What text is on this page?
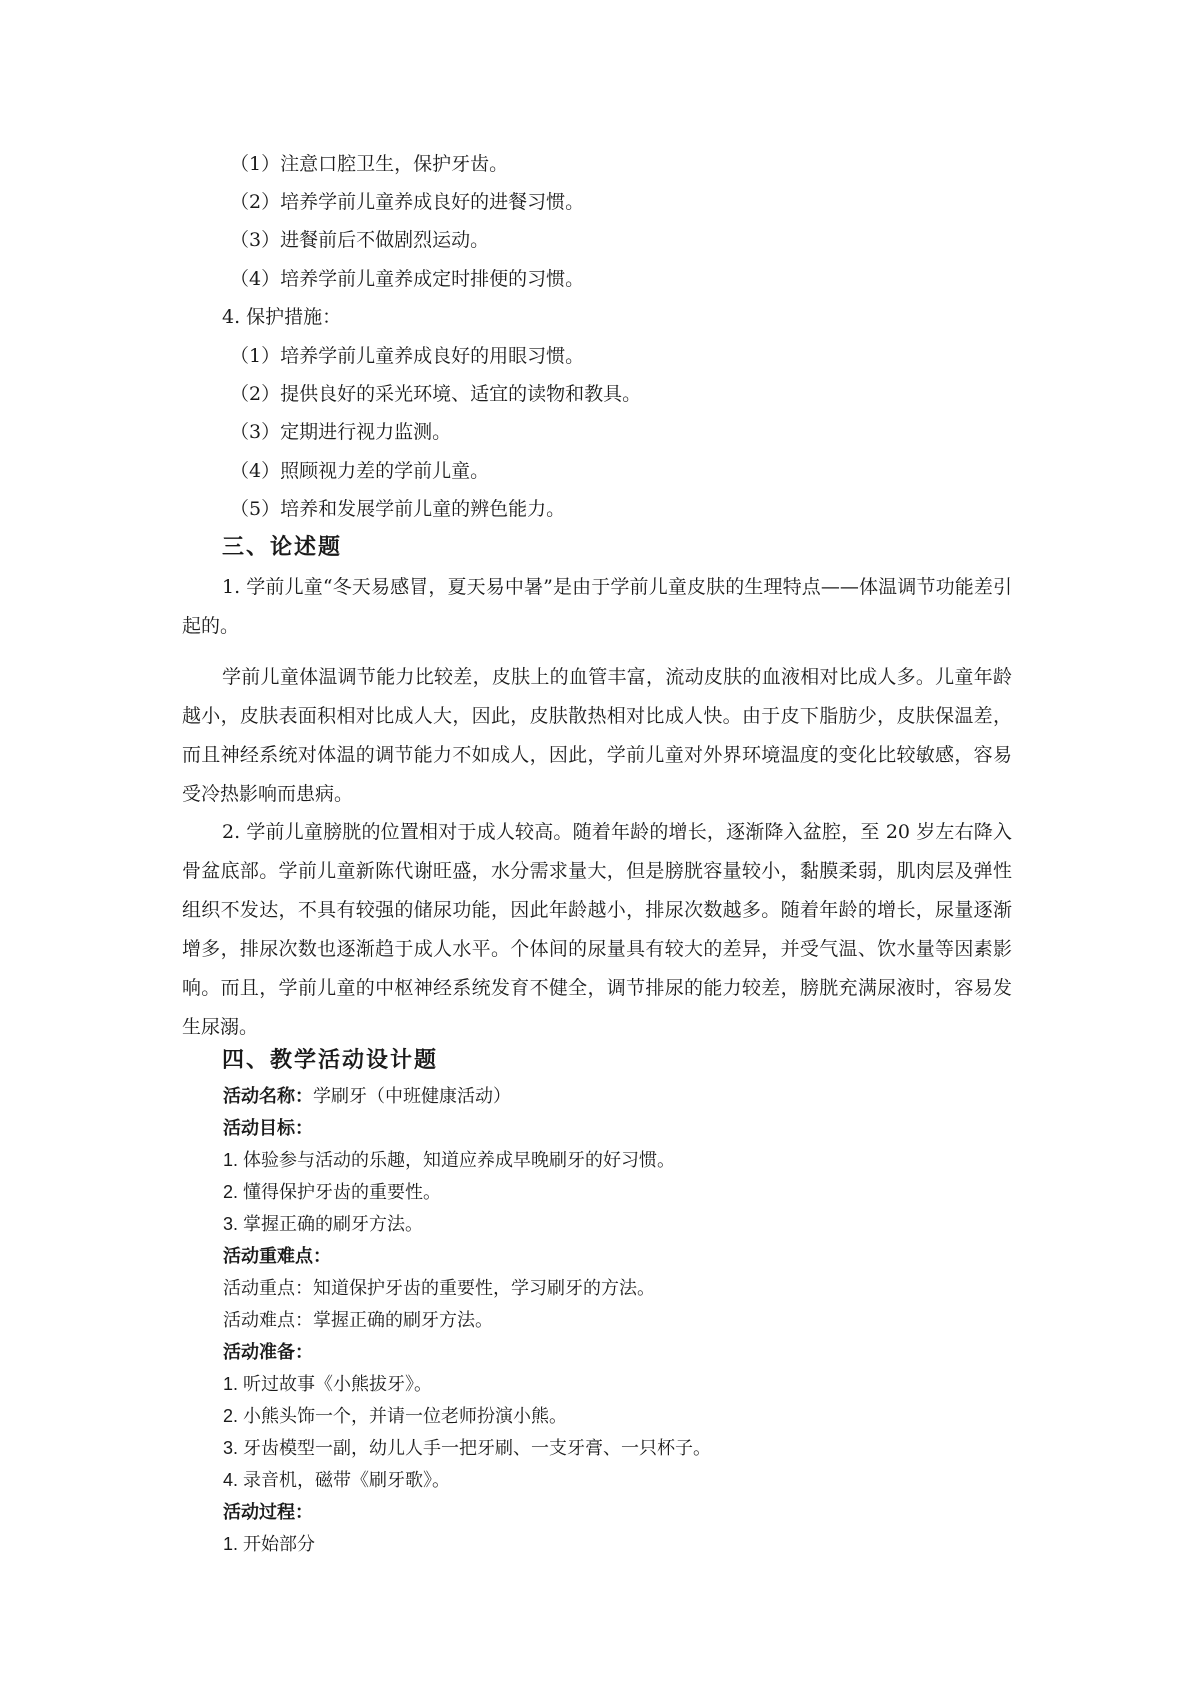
（1）注意口腔卫生，保护牙齿。
（2）培养学前儿童养成良好的进餐习惯。
（3）进餐前后不做剧烈运动。
（4）培养学前儿童养成定时排便的习惯。
4. 保护措施：
（1）培养学前儿童养成良好的用眼习惯。
（2）提供良好的采光环境、适宜的读物和教具。
（3）定期进行视力监测。
（4）照顾视力差的学前儿童。
（5）培养和发展学前儿童的辨色能力。
三、论述题
1. 学前儿童“冬天易感冒，夏天易中暑”是由于学前儿童皮肤的生理特点——体温调节功能差引起的。
学前儿童体温调节能力比较差，皮肤上的血管丰富，流动皮肤的血液相对比成人多。儿童年龄越小，皮肤表面积相对比成人大，因此，皮肤散热相对比成人快。由于皮下脂肪少，皮肤保温差，而且神经系统对体温的调节能力不如成人，因此，学前儿童对外界环境温度的变化比较敏感，容易受冷热影响而患病。
2. 学前儿童膀胱的位置相对于成人较高。随着年龄的增长，逐渐降入盆腔，至 20 岁左右降入骨盆底部。学前儿童新陈代谢旺盛，水分需求量大，但是膀胱容量较小，黏膜柔弱，肌肉层及弹性组织不发达，不具有较强的储尿功能，因此年龄越小，排尿次数越多。随着年龄的增长，尿量逐渐增多，排尿次数也逐渐趋于成人水平。个体间的尿量具有较大的差异，并受气温、饮水量等因素影响。而且，学前儿童的中枢神经系统发育不健全，调节排尿的能力较差，膀胱充满尿液时，容易发生尿溺。
四、教学活动设计题
活动名称：学刷牙（中班健康活动）
活动目标：
1. 体验参与活动的乐趣，知道应养成早晚刷牙的好习惯。
2. 懂得保护牙齿的重要性。
3. 掌握正确的刷牙方法。
活动重难点：
活动重点：知道保护牙齿的重要性，学习刷牙的方法。
活动难点：掌握正确的刷牙方法。
活动准备：
1. 听过故事《小熊拔牙》。
2. 小熊头饰一个，并请一位老师扮演小熊。
3. 牙齿模型一副，幼儿人手一把牙刷、一支牙膏、一只杯子。
4. 录音机，磁带《刷牙歌》。
活动过程：
1. 开始部分
